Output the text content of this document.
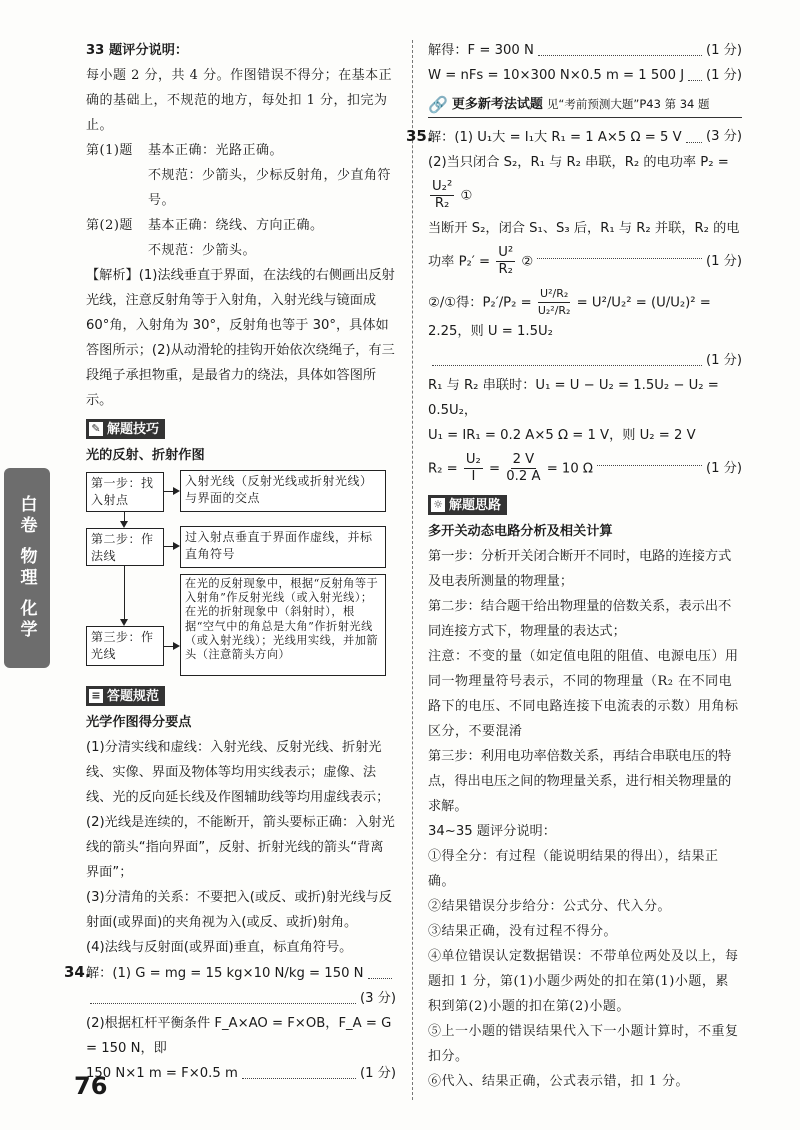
白卷 物理 化学

33 题评分说明：

每小题 2 分，共 4 分。作图错误不得分；在基本正确的基础上，不规范的地方，每处扣 1 分，扣完为止。

第(1)题	基本正确：光路正确。

不规范：少箭头，少标反射角，少直角符号。

第(2)题	基本正确：绕线、方向正确。

不规范：少箭头。

【解析】(1)法线垂直于界面，在法线的右侧画出反射光线，注意反射角等于入射角，入射光线与镜面成 60°角，入射角为 30°，反射角也等于 30°，具体如答图所示；(2)从动滑轮的挂钩开始依次绕绳子，有三段绳子承担物重，是最省力的绕法，具体如答图所示。

✎ 解题技巧

光的反射、折射作图

第一步：找入射点
入射光线（反射光线或折射光线）与界面的交点
第二步：作法线
过入射点垂直于界面作虚线，并标直角符号
第三步：作光线
在光的反射现象中，根据“反射角等于入射角”作反射光线（或入射光线）；在光的折射现象中（斜射时），根据“空气中的角总是大角”作折射光线（或入射光线）；光线用实线，并加箭头（注意箭头方向）
≡ 答题规范

光学作图得分要点

(1)分清实线和虚线：入射光线、反射光线、折射光线、实像、界面及物体等均用实线表示；虚像、法线、光的反向延长线及作图辅助线等均用虚线表示；

(2)光线是连续的，不能断开，箭头要标正确：入射光线的箭头“指向界面”，反射、折射光线的箭头“背离界面”；

(3)分清角的关系：不要把入(或反、或折)射光线与反射面(或界面)的夹角视为入(或反、或折)射角。

(4)法线与反射面(或界面)垂直，标直角符号。

34.解：(1) G = mg = 15 kg×10 N/kg = 150 N
(3 分)

(2)根据杠杆平衡条件 F_A×AO = F×OB，F_A = G = 150 N，即

150 N×1 m = F×0.5 m	(1 分)
解得：F = 300 N	(1 分)
W = nFs = 10×300 N×0.5 m = 1 500 J (1 分)
🔗 更多新考法试题 见“考前预测大题”P43 第 34 题
35.解：(1) U₁大 = I₁大 R₁ = 1 A×5 Ω = 5 V (3 分)

(2)当只闭合 S₂，R₁ 与 R₂ 串联，R₂ 的电功率 P₂ =

$\frac{\text{U₂²}}{\text{R₂}}$ ①

当断开 S₂，闭合 S₁、S₃ 后，R₁ 与 R₂ 并联，R₂ 的电

功率 $P_2' = \frac{\text{U²}}{\text{R₂}}$ ②	(1 分)

②/①得：$P_2'/P_2 = \frac{\text{U²/R₂}}{\text{U₂²/R₂}} = U^2/U_2^2 = (U/U_2)^2 = 2.25$，则 U = 1.5U₂

(1 分)

R₁ 与 R₂ 串联时：U₁ = U − U₂ = 1.5U₂ − U₂ = 0.5U₂，

U₁ = IR₁ = 0.2 A×5 Ω = 1 V，则 U₂ = 2 V

$R_2 = \frac{\text{U₂}}{I} = \frac{2 V}{0.2 A} = 10$ Ω	(1 分)
☼ 解题思路

多开关动态电路分析及相关计算

第一步：分析开关闭合断开不同时，电路的连接方式及电表所测量的物理量；

第二步：结合题干给出物理量的倍数关系，表示出不同连接方式下，物理量的表达式；

注意：不变的量（如定值电阻的阻值、电源电压）用同一物理量符号表示，不同的物理量（R₂ 在不同电路下的电压、不同电路连接下电流表的示数）用角标区分，不要混淆

第三步：利用电功率倍数关系，再结合串联电压的特点，得出电压之间的物理量关系，进行相关物理量的求解。

34~35 题评分说明：

①得全分：有过程（能说明结果的得出），结果正确。

②结果错误分步给分：公式分、代入分。

③结果正确，没有过程不得分。

④单位错误认定数据错误：不带单位两处及以上，每题扣 1 分，第(1)小题少两处的扣在第(1)小题，累积到第(2)小题的扣在第(2)小题。

⑤上一小题的错误结果代入下一小题计算时，不重复扣分。

⑥代入、结果正确，公式表示错，扣 1 分。

76
